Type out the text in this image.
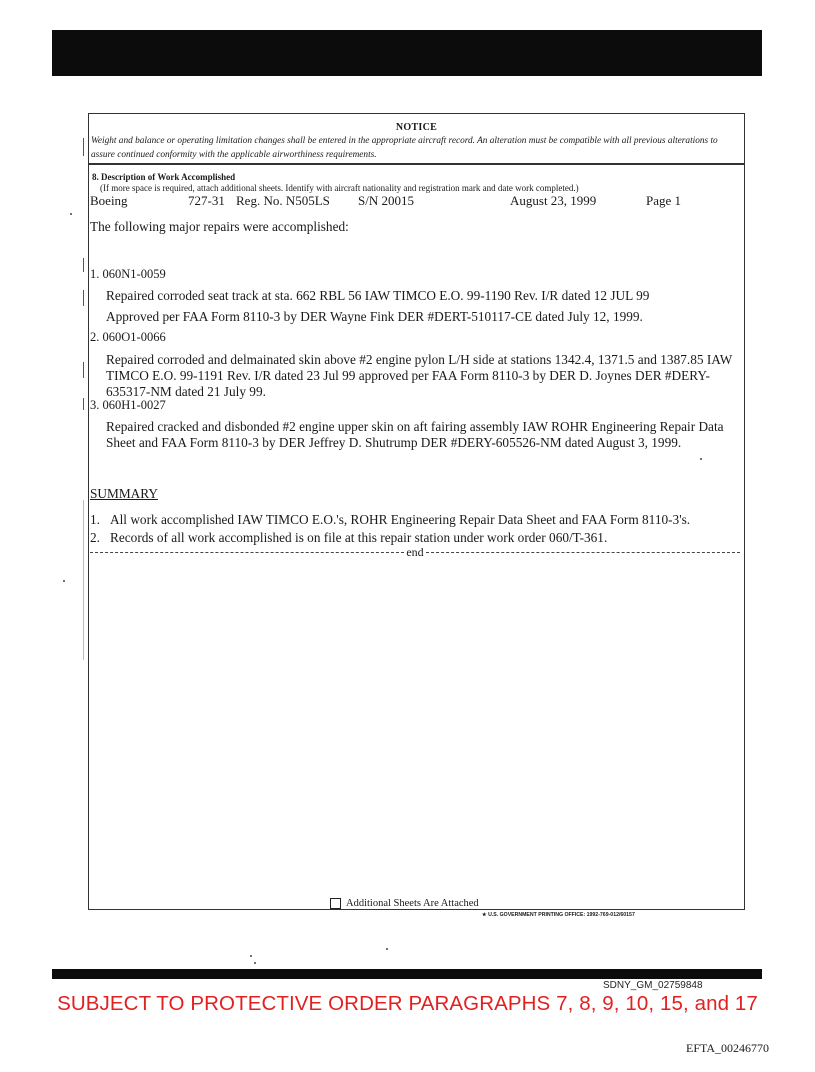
NOTICE
Weight and balance or operating limitation changes shall be entered in the appropriate aircraft record. An alteration must be compatible with all previous alterations to assure continued conformity with the applicable airworthiness requirements.
8. Description of Work Accomplished
(If more space is required, attach additional sheets. Identify with aircraft nationality and registration mark and date work completed.)
Boeing	727-31 Reg. No. N505LS S/N 20015	August 23, 1999	Page 1
The following major repairs were accomplished:
1. 060N1-0059
Repaired corroded seat track at sta. 662 RBL 56 IAW TIMCO E.O. 99-1190 Rev. I/R dated 12 JUL 99
Approved per FAA Form 8110-3 by DER Wayne Fink DER #DERT-510117-CE dated July 12, 1999.
2. 060O1-0066
Repaired corroded and delmainated skin above #2 engine pylon L/H side at stations 1342.4, 1371.5 and 1387.85 IAW TIMCO E.O. 99-1191 Rev. I/R dated 23 Jul 99 approved per FAA Form 8110-3 by DER D. Joynes DER #DERY-635317-NM dated 21 July 99.
3. 060H1-0027
Repaired cracked and disbonded #2 engine upper skin on aft fairing assembly IAW ROHR Engineering Repair Data Sheet and FAA Form 8110-3 by DER Jeffrey D. Shutrump DER #DERY-605526-NM dated August 3, 1999.
SUMMARY
1. All work accomplished IAW TIMCO E.O.'s, ROHR Engineering Repair Data Sheet and FAA Form 8110-3's.
2. Records of all work accomplished is on file at this repair station under work order 060/T-361.
end
Additional Sheets Are Attached
★ U.S. GOVERNMENT PRINTING OFFICE: 1992-769-012/60157
SDNY_GM_02759848
SUBJECT TO PROTECTIVE ORDER PARAGRAPHS 7, 8, 9, 10, 15, and 17
EFTA_00246770
